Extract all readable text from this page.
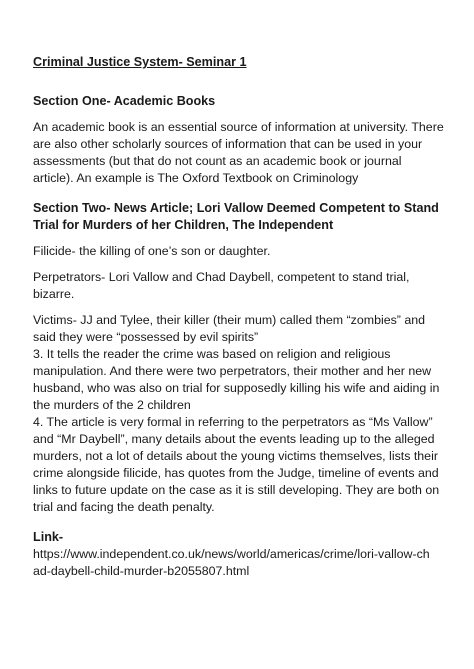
Criminal Justice System- Seminar 1

Section One- Academic Books

An academic book is an essential source of information at university. There are also other scholarly sources of information that can be used in your assessments (but that do not count as an academic book or journal article). An example is The Oxford Textbook on Criminology

Section Two- News Article; Lori Vallow Deemed Competent to Stand Trial for Murders of her Children, The Independent

Filicide- the killing of one’s son or daughter.

Perpetrators- Lori Vallow and Chad Daybell, competent to stand trial, bizarre.

Victims- JJ and Tylee, their killer (their mum) called them “zombies” and said they were “possessed by evil spirits”

3. It tells the reader the crime was based on religion and religious manipulation. And there were two perpetrators, their mother and her new husband, who was also on trial for supposedly killing his wife and aiding in the murders of the 2 children

4. The article is very formal in referring to the perpetrators as “Ms Vallow” and “Mr Daybell”, many details about the events leading up to the alleged murders, not a lot of details about the young victims themselves, lists their crime alongside filicide, has quotes from the Judge, timeline of events and links to future update on the case as it is still developing. They are both on trial and facing the death penalty.

Link-

https://www.independent.co.uk/news/world/americas/crime/lori-vallow-ch

ad-daybell-child-murder-b2055807.html
